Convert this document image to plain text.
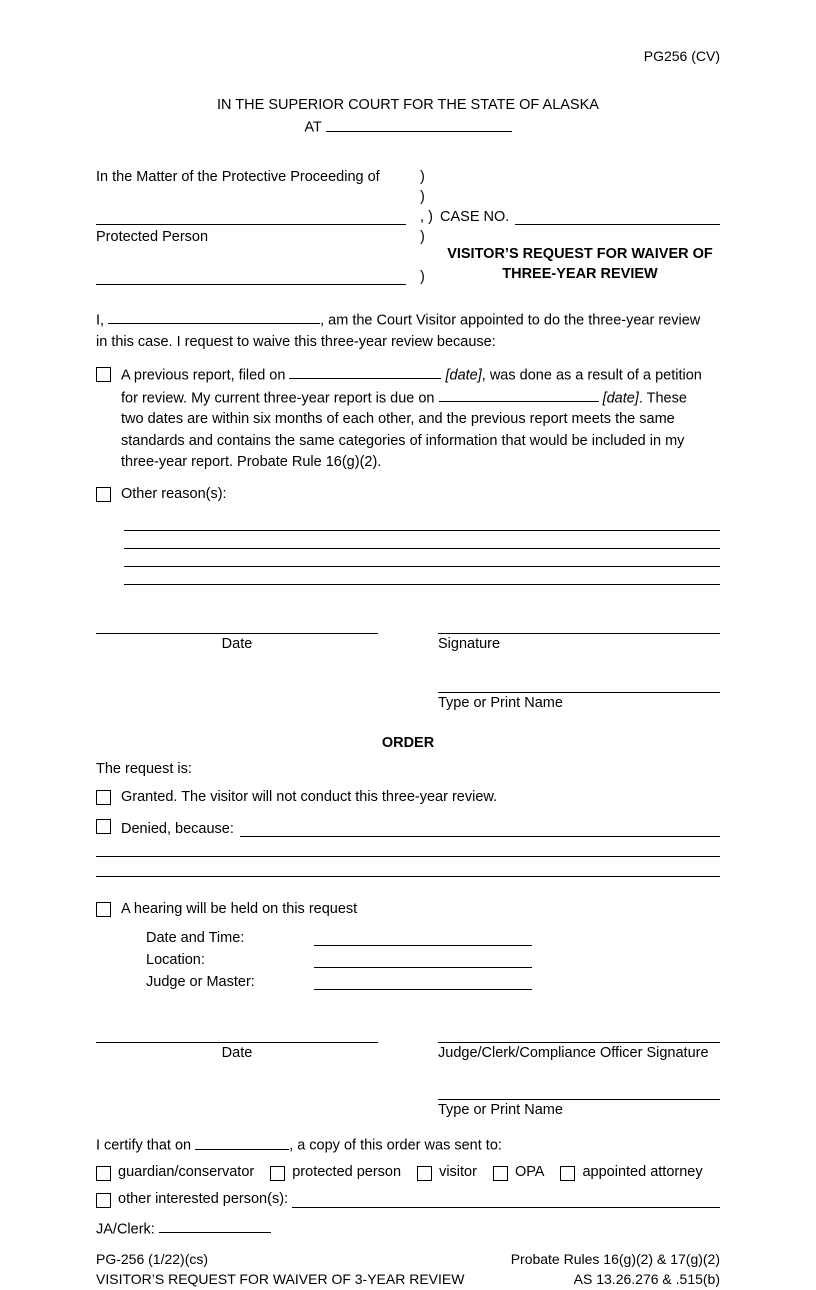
PG256 (CV)
IN THE SUPERIOR COURT FOR THE STATE OF ALASKA
AT
In the Matter of the Protective Proceeding of	)

)

, ) CASE NO.
Protected Person	)

)
VISITOR’S REQUEST FOR WAIVER OF
THREE-YEAR REVIEW
I,	, am the Court Visitor appointed to do the three-year review
in this case. I request to waive this three-year review because:
A previous report, filed on	[date], was done as a result of a petition
for review. My current three-year report is due on	[date]. These
two dates are within six months of each other, and the previous report meets the same
standards and contains the same categories of information that would be included in my
three-year report. Probate Rule 16(g)(2).
Other reason(s):
Date	Signature
Type or Print Name
ORDER
The request is:
Granted. The visitor will not conduct this three-year review.
Denied, because:
A hearing will be held on this request
Date and Time:
Location:
Judge or Master:
Date	Judge/Clerk/Compliance Officer Signature
Type or Print Name
I certify that on	, a copy of this order was sent to:
guardian/conservator	protected person	visitor	OPA	appointed attorney
other interested person(s):
JA/Clerk:
PG-256 (1/22)(cs)
VISITOR’S REQUEST FOR WAIVER OF 3-YEAR REVIEW
Probate Rules 16(g)(2) & 17(g)(2)
AS 13.26.276 & .515(b)
